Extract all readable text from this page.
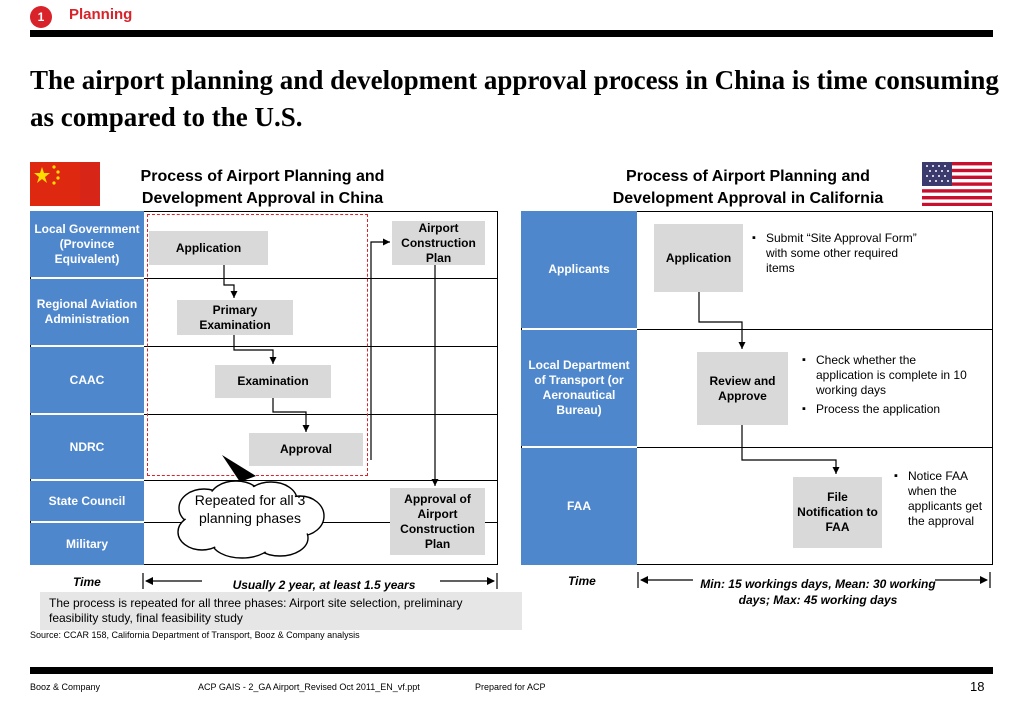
1	Planning
The airport planning and development approval process in China is time consuming as compared to the U.S.
Process of Airport Planning and Development Approval in China
Process of Airport Planning and Development Approval in California
Local Government (Province Equivalent)
Regional Aviation Administration
CAAC
NDRC
State Council
Military
Application
Primary Examination
Examination
Approval
Airport Construction Plan
Approval of Airport Construction Plan
Repeated for all 3 planning phases
Time	Usually 2 year, at least 1.5 years
Applicants
Local Department of Transport (or Aeronautical Bureau)
FAA
Application
Review and Approve
File Notification to FAA
▪ Submit “Site Approval Form” with some other required items
▪ Check whether the application is complete in 10 working days
▪ Process the application
▪ Notice FAA when the applicants get the approval
Time	Min: 15 workings days, Mean: 30 working days; Max: 45 working days
The process is repeated for all three phases: Airport site selection, preliminary feasibility study, final feasibility study
Source: CCAR 158, California Department of Transport, Booz & Company analysis
Booz & Company	ACP GAIS - 2_GA Airport_Revised Oct 2011_EN_vf.ppt	Prepared for ACP	18
